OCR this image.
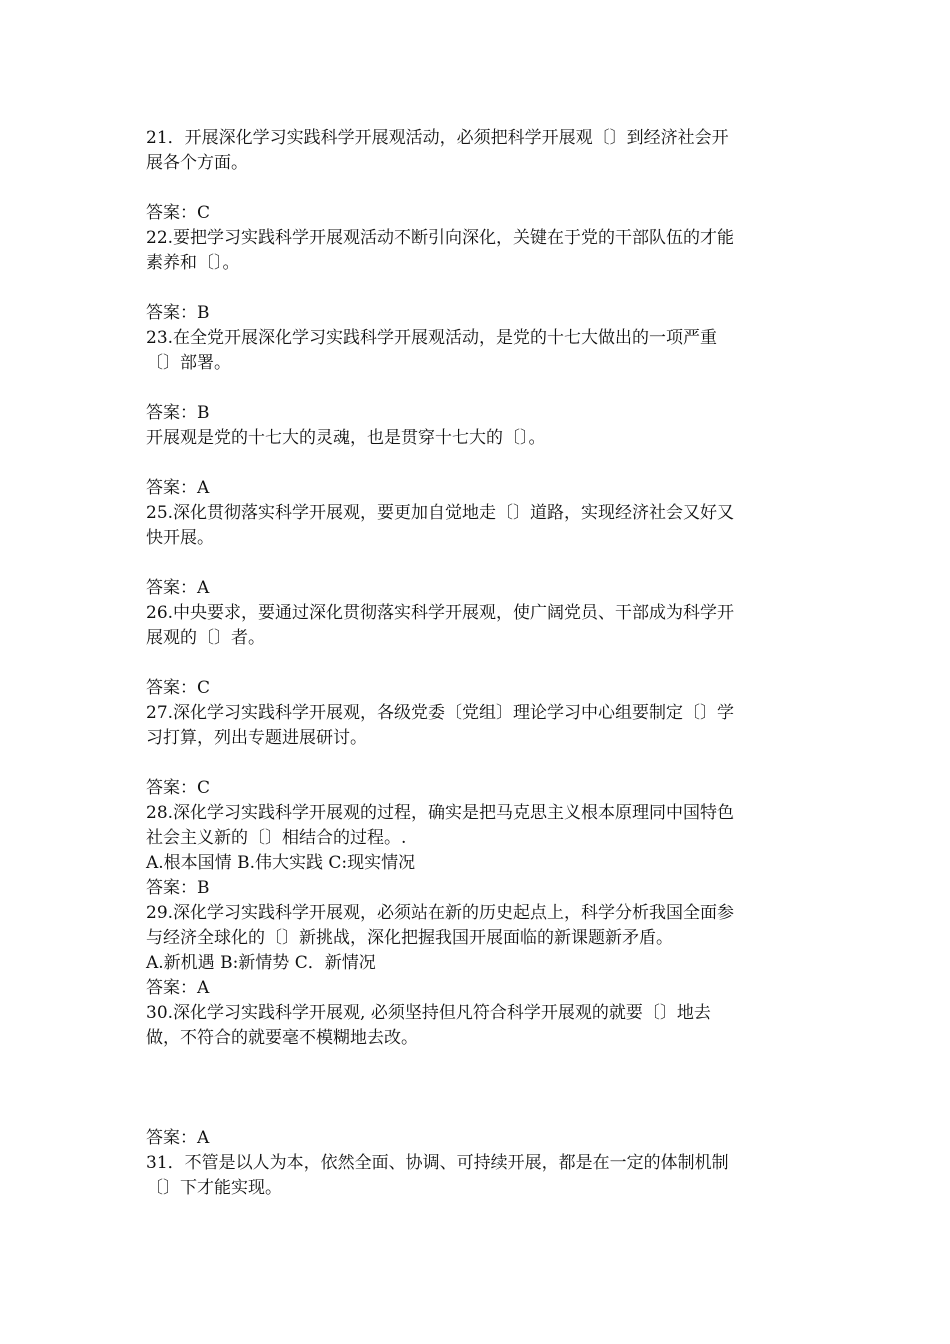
21．开展深化学习实践科学开展观活动，必须把科学开展观〔〕到经济社会开
展各个方面。
答案：C
22.要把学习实践科学开展观活动不断引向深化，关键在于党的干部队伍的才能
素养和〔〕。
答案：B
23.在全党开展深化学习实践科学开展观活动，是党的十七大做出的一项严重
〔〕部署。
答案：B
开展观是党的十七大的灵魂，也是贯穿十七大的〔〕。
答案：A
25.深化贯彻落实科学开展观，要更加自觉地走〔〕道路，实现经济社会又好又
快开展。
答案：A
26.中央要求，要通过深化贯彻落实科学开展观，使广阔党员、干部成为科学开
展观的〔〕者。
答案：C
27.深化学习实践科学开展观，各级党委〔党组〕理论学习中心组要制定〔〕学
习打算，列出专题进展研讨。
答案：C
28.深化学习实践科学开展观的过程，确实是把马克思主义根本原理同中国特色
社会主义新的〔〕相结合的过程。.
A.根本国情 B.伟大实践 C:现实情况
答案：B
29.深化学习实践科学开展观，必须站在新的历史起点上，科学分析我国全面参
与经济全球化的〔〕新挑战，深化把握我国开展面临的新课题新矛盾。
A.新机遇 B:新情势 C．新情况
答案：A
30.深化学习实践科学开展观, 必须坚持但凡符合科学开展观的就要〔〕地去
做，不符合的就要毫不模糊地去改。
答案：A
31．不管是以人为本，依然全面、协调、可持续开展，都是在一定的体制机制
〔〕下才能实现。
